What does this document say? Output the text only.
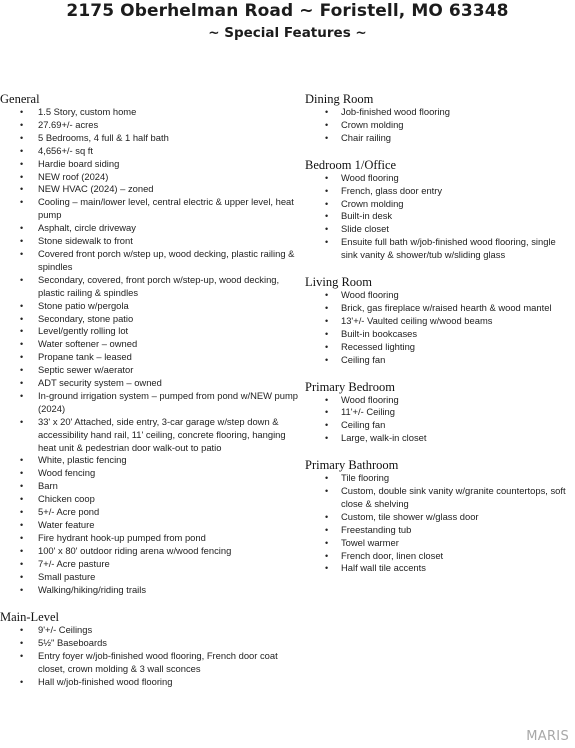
2175 Oberhelman Road ~ Foristell, MO 63348
~ Special Features ~
General
• 1.5 Story, custom home
• 27.69+/- acres
• 5 Bedrooms, 4 full & 1 half bath
• 4,656+/- sq ft
• Hardie board siding
• NEW roof (2024)
• NEW HVAC (2024) – zoned
• Cooling – main/lower level, central electric & upper level, heat pump
• Asphalt, circle driveway
• Stone sidewalk to front
• Covered front porch w/step up, wood decking, plastic railing & spindles
• Secondary, covered, front porch w/step-up, wood decking, plastic railing & spindles
• Stone patio w/pergola
• Secondary, stone patio
• Level/gently rolling lot
• Water softener – owned
• Propane tank – leased
• Septic sewer w/aerator
• ADT security system – owned
• In-ground irrigation system – pumped from pond w/NEW pump (2024)
• 33' x 20' Attached, side entry, 3-car garage w/step down & accessibility hand rail, 11' ceiling, concrete flooring, hanging heat unit & pedestrian door walk-out to patio
• White, plastic fencing
• Wood fencing
• Barn
• Chicken coop
• 5+/- Acre pond
• Water feature
• Fire hydrant hook-up pumped from pond
• 100' x 80' outdoor riding arena w/wood fencing
• 7+/- Acre pasture
• Small pasture
• Walking/hiking/riding trails
Main-Level
• 9'+/- Ceilings
• 5½" Baseboards
• Entry foyer w/job-finished wood flooring, French door coat closet, crown molding & 3 wall sconces
• Hall w/job-finished wood flooring
Dining Room
• Job-finished wood flooring
• Crown molding
• Chair railing
Bedroom 1/Office
• Wood flooring
• French, glass door entry
• Crown molding
• Built-in desk
• Slide closet
• Ensuite full bath w/job-finished wood flooring, single sink vanity & shower/tub w/sliding glass
Living Room
• Wood flooring
• Brick, gas fireplace w/raised hearth & wood mantel
• 13'+/- Vaulted ceiling w/wood beams
• Built-in bookcases
• Recessed lighting
• Ceiling fan
Primary Bedroom
• Wood flooring
• 11'+/- Ceiling
• Ceiling fan
• Large, walk-in closet
Primary Bathroom
• Tile flooring
• Custom, double sink vanity w/granite countertops, soft close & shelving
• Custom, tile shower w/glass door
• Freestanding tub
• Towel warmer
• French door, linen closet
• Half wall tile accents
MARIS
